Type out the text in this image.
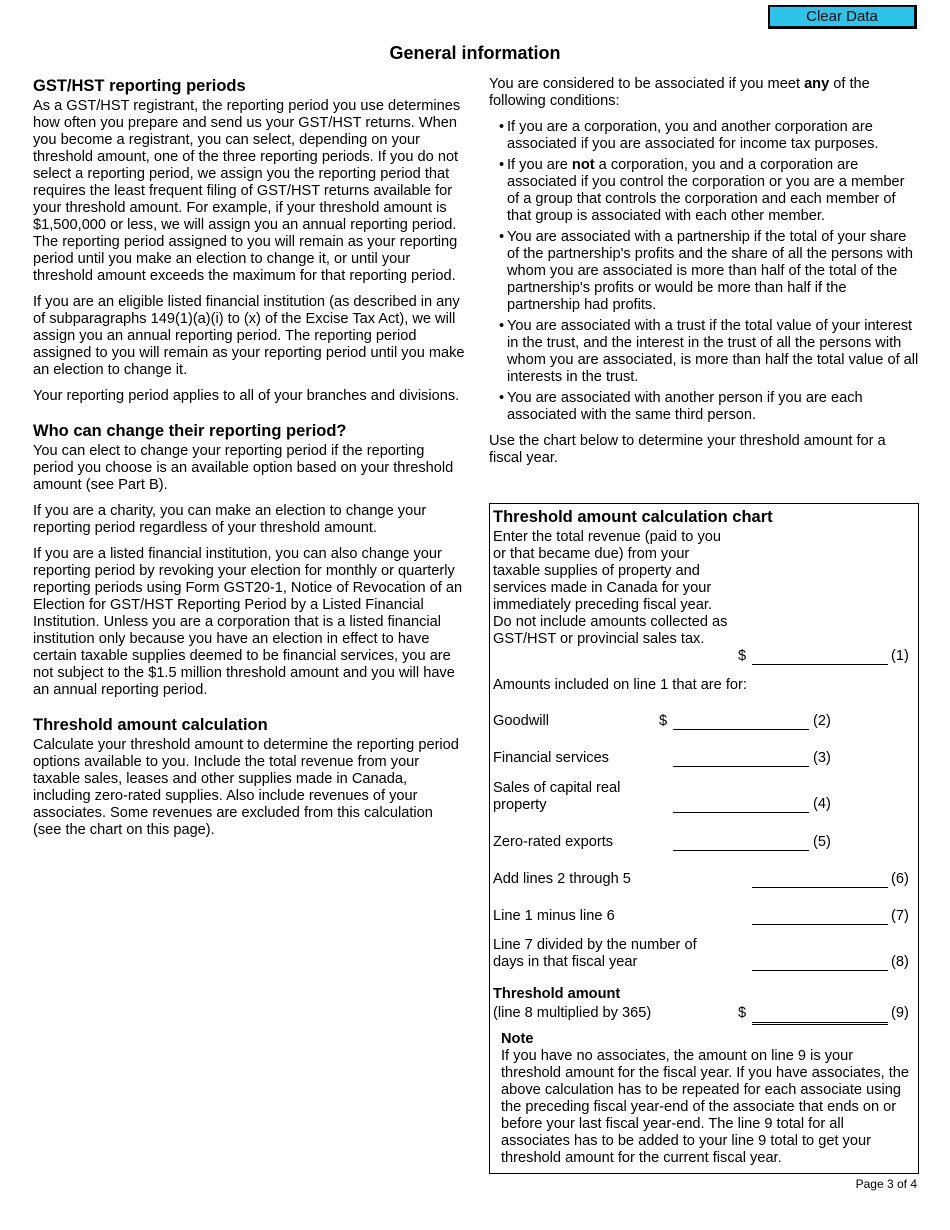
Clear Data
General information
GST/HST reporting periods

As a GST/HST registrant, the reporting period you use determines how often you prepare and send us your GST/HST returns. When you become a registrant, you can select, depending on your threshold amount, one of the three reporting periods. If you do not select a reporting period, we assign you the reporting period that requires the least frequent filing of GST/HST returns available for your threshold amount. For example, if your threshold amount is $1,500,000 or less, we will assign you an annual reporting period. The reporting period assigned to you will remain as your reporting period until you make an election to change it, or until your threshold amount exceeds the maximum for that reporting period.

If you are an eligible listed financial institution (as described in any of subparagraphs 149(1)(a)(i) to (x) of the Excise Tax Act), we will assign you an annual reporting period. The reporting period assigned to you will remain as your reporting period until you make an election to change it.

Your reporting period applies to all of your branches and divisions.

Who can change their reporting period?

You can elect to change your reporting period if the reporting period you choose is an available option based on your threshold amount (see Part B).

If you are a charity, you can make an election to change your reporting period regardless of your threshold amount.

If you are a listed financial institution, you can also change your reporting period by revoking your election for monthly or quarterly reporting periods using Form GST20-1, Notice of Revocation of an Election for GST/HST Reporting Period by a Listed Financial Institution. Unless you are a corporation that is a listed financial institution only because you have an election in effect to have certain taxable supplies deemed to be financial services, you are not subject to the $1.5 million threshold amount and you will have an annual reporting period.

Threshold amount calculation

Calculate your threshold amount to determine the reporting period options available to you. Include the total revenue from your taxable sales, leases and other supplies made in Canada, including zero-rated supplies. Also include revenues of your associates. Some revenues are excluded from this calculation (see the chart on this page).

You are considered to be associated if you meet any of the following conditions:

• If you are a corporation, you and another corporation are associated if you are associated for income tax purposes.
• If you are not a corporation, you and a corporation are associated if you control the corporation or you are a member of a group that controls the corporation and each member of that group is associated with each other member.
• You are associated with a partnership if the total of your share of the partnership's profits and the share of all the persons with whom you are associated is more than half of the total of the partnership's profits or would be more than half if the partnership had profits.
• You are associated with a trust if the total value of your interest in the trust, and the interest in the trust of all the persons with whom you are associated, is more than half the total value of all interests in the trust.
• You are associated with another person if you are each associated with the same third person.

Use the chart below to determine your threshold amount for a fiscal year.

Threshold amount calculation chart
Enter the total revenue (paid to you or that became due) from your taxable supplies of property and services made in Canada for your immediately preceding fiscal year. Do not include amounts collected as GST/HST or provincial sales tax.
$	(1)
Amounts included on line 1 that are for:
Goodwill	$	(2)
Financial services	(3)
Sales of capital real property	(4)
Zero-rated exports	(5)
Add lines 2 through 5	(6)
Line 1 minus line 6	(7)
Line 7 divided by the number of days in that fiscal year	(8)
Threshold amount
(line 8 multiplied by 365)	$	(9)
Note
If you have no associates, the amount on line 9 is your threshold amount for the fiscal year. If you have associates, the above calculation has to be repeated for each associate using the preceding fiscal year-end of the associate that ends on or before your last fiscal year-end. The line 9 total for all associates has to be added to your line 9 total to get your threshold amount for the current fiscal year.
Page 3 of 4
